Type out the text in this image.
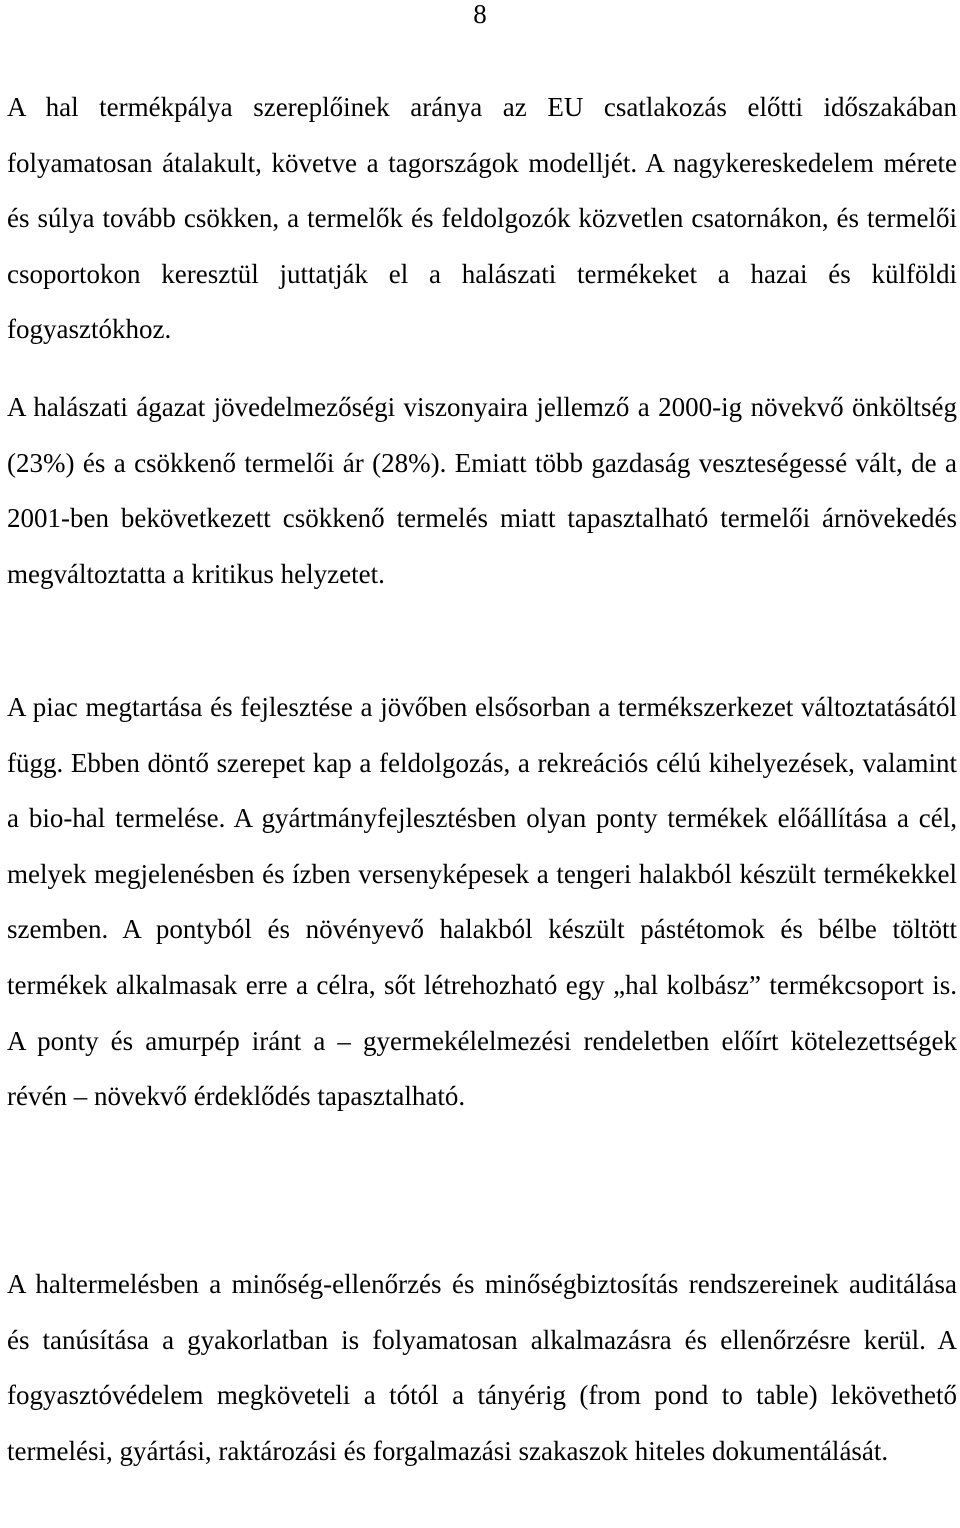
8

A hal termékpálya szereplőinek aránya az EU csatlakozás előtti időszakában folyamatosan átalakult, követve a tagországok modelljét. A nagykereskedelem mérete és súlya tovább csökken, a termelők és feldolgozók közvetlen csatornákon, és termelői csoportokon keresztül juttatják el a halászati termékeket a hazai és külföldi fogyasztókhoz.

A halászati ágazat jövedelmezőségi viszonyaira jellemző a 2000-ig növekvő önköltség (23%) és a csökkenő termelői ár (28%). Emiatt több gazdaság veszteségessé vált, de a 2001-ben bekövetkezett csökkenő termelés miatt tapasztalható termelői árnövekedés megváltoztatta a kritikus helyzetet.

A piac megtartása és fejlesztése a jövőben elsősorban a termékszerkezet változtatásától függ. Ebben döntő szerepet kap a feldolgozás, a rekreációs célú kihelyezések, valamint a bio-hal termelése. A gyártmányfejlesztésben olyan ponty termékek előállítása a cél, melyek megjelenésben és ízben versenyképesek a tengeri halakból készült termékekkel szemben. A pontyból és növényevő halakból készült pástétomok és bélbe töltött termékek alkalmasak erre a célra, sőt létrehozható egy „hal kolbász” termékcsoport is. A ponty és amurpép iránt a – gyermekélelmezési rendeletben előírt kötelezettségek révén – növekvő érdeklődés tapasztalható.

A haltermelésben a minőség-ellenőrzés és minőségbiztosítás rendszereinek auditálása és tanúsítása a gyakorlatban is folyamatosan alkalmazásra és ellenőrzésre kerül. A fogyasztóvédelem megköveteli a tótól a tányérig (from pond to table) lekövethető termelési, gyártási, raktározási és forgalmazási szakaszok hiteles dokumentálását.
